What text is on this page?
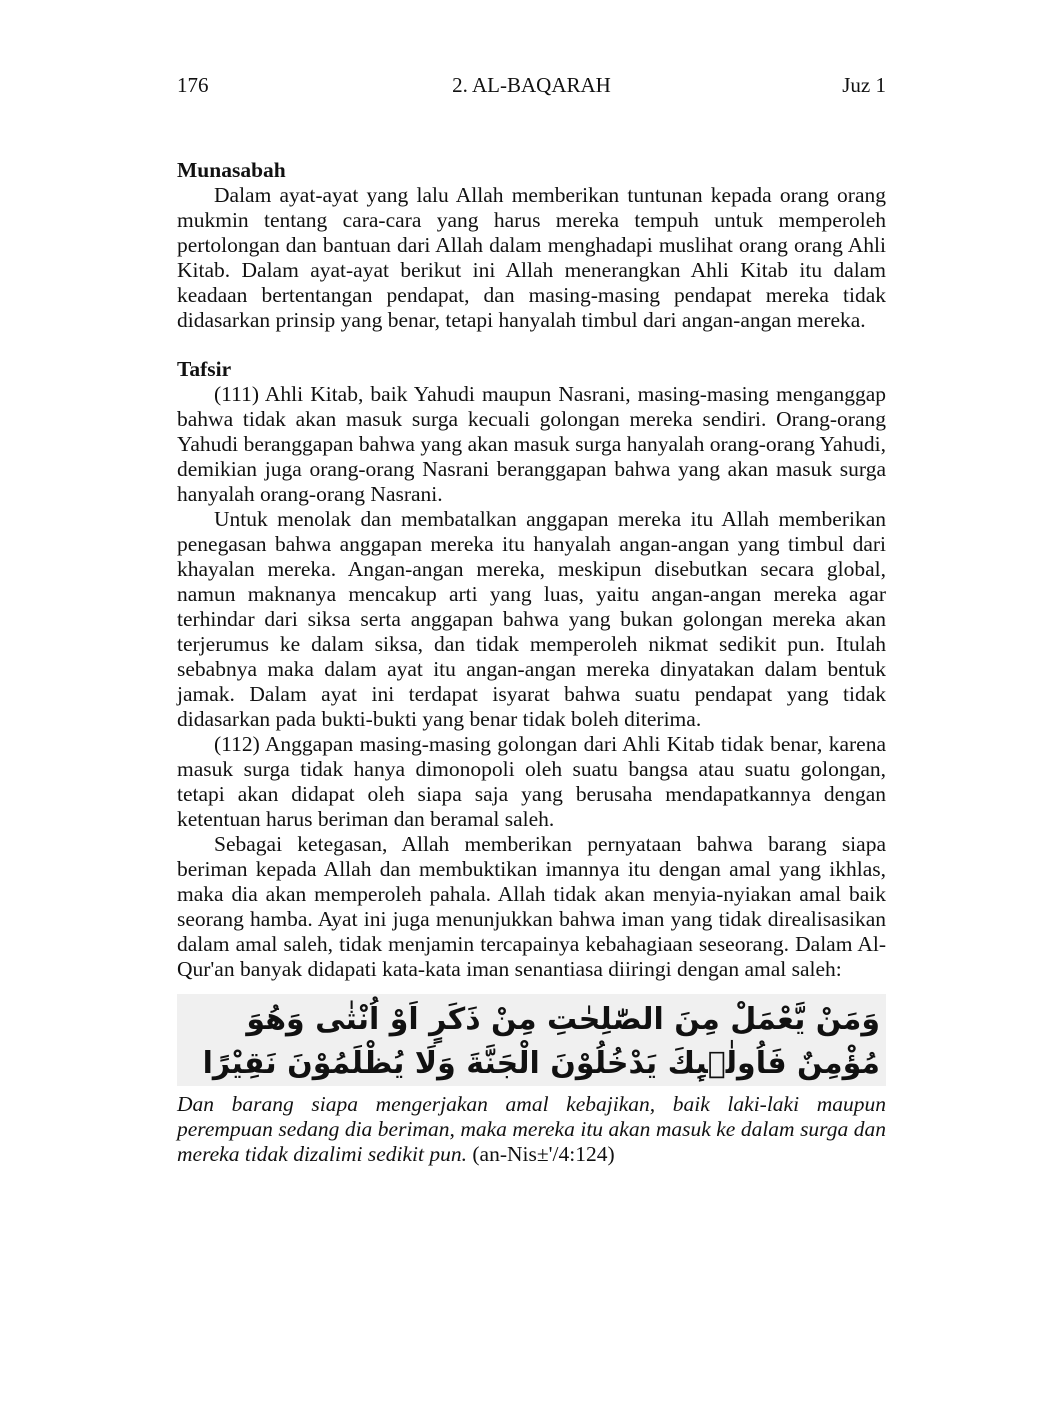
176	2. AL-BAQARAH	Juz 1

Munasabah

Dalam ayat-ayat yang lalu Allah memberikan tuntunan kepada orang orang mukmin tentang cara-cara yang harus mereka tempuh untuk memperoleh pertolongan dan bantuan dari Allah dalam menghadapi muslihat orang orang Ahli Kitab. Dalam ayat-ayat berikut ini Allah menerangkan Ahli Kitab itu dalam keadaan bertentangan pendapat, dan masing-masing pendapat mereka tidak didasarkan prinsip yang benar, tetapi hanyalah timbul dari angan-angan mereka.

Tafsir

(111) Ahli Kitab, baik Yahudi maupun Nasrani, masing-masing menganggap bahwa tidak akan masuk surga kecuali golongan mereka sendiri. Orang-orang Yahudi beranggapan bahwa yang akan masuk surga hanyalah orang-orang Yahudi, demikian juga orang-orang Nasrani beranggapan bahwa yang akan masuk surga hanyalah orang-orang Nasrani.

Untuk menolak dan membatalkan anggapan mereka itu Allah memberikan penegasan bahwa anggapan mereka itu hanyalah angan-angan yang timbul dari khayalan mereka. Angan-angan mereka, meskipun disebutkan secara global, namun maknanya mencakup arti yang luas, yaitu angan-angan mereka agar terhindar dari siksa serta anggapan bahwa yang bukan golongan mereka akan terjerumus ke dalam siksa, dan tidak memperoleh nikmat sedikit pun. Itulah sebabnya maka dalam ayat itu angan-angan mereka dinyatakan dalam bentuk jamak. Dalam ayat ini terdapat isyarat bahwa suatu pendapat yang tidak didasarkan pada bukti-bukti yang benar tidak boleh diterima.

(112) Anggapan masing-masing golongan dari Ahli Kitab tidak benar, karena masuk surga tidak hanya dimonopoli oleh suatu bangsa atau suatu golongan, tetapi akan didapat oleh siapa saja yang berusaha mendapatkannya dengan ketentuan harus beriman dan beramal saleh.

Sebagai ketegasan, Allah memberikan pernyataan bahwa barang siapa beriman kepada Allah dan membuktikan imannya itu dengan amal yang ikhlas, maka dia akan memperoleh pahala. Allah tidak akan menyia-nyiakan amal baik seorang hamba. Ayat ini juga menunjukkan bahwa iman yang tidak direalisasikan dalam amal saleh, tidak menjamin tercapainya kebahagiaan seseorang. Dalam Al-Qur'an banyak didapati kata-kata iman senantiasa diiringi dengan amal saleh:

وَمَنْ يَّعْمَلْ مِنَ الصّٰلِحٰتِ مِنْ ذَكَرٍ اَوْ اُنْثٰى وَهُوَ مُؤْمِنٌ فَاُولٰۤىِٕكَ يَدْخُلُوْنَ الْجَنَّةَ وَلَا يُظْلَمُوْنَ نَقِيْرًا

Dan barang siapa mengerjakan amal kebajikan, baik laki-laki maupun perempuan sedang dia beriman, maka mereka itu akan masuk ke dalam surga dan mereka tidak dizalimi sedikit pun. (an-Nis±'/4:124)
